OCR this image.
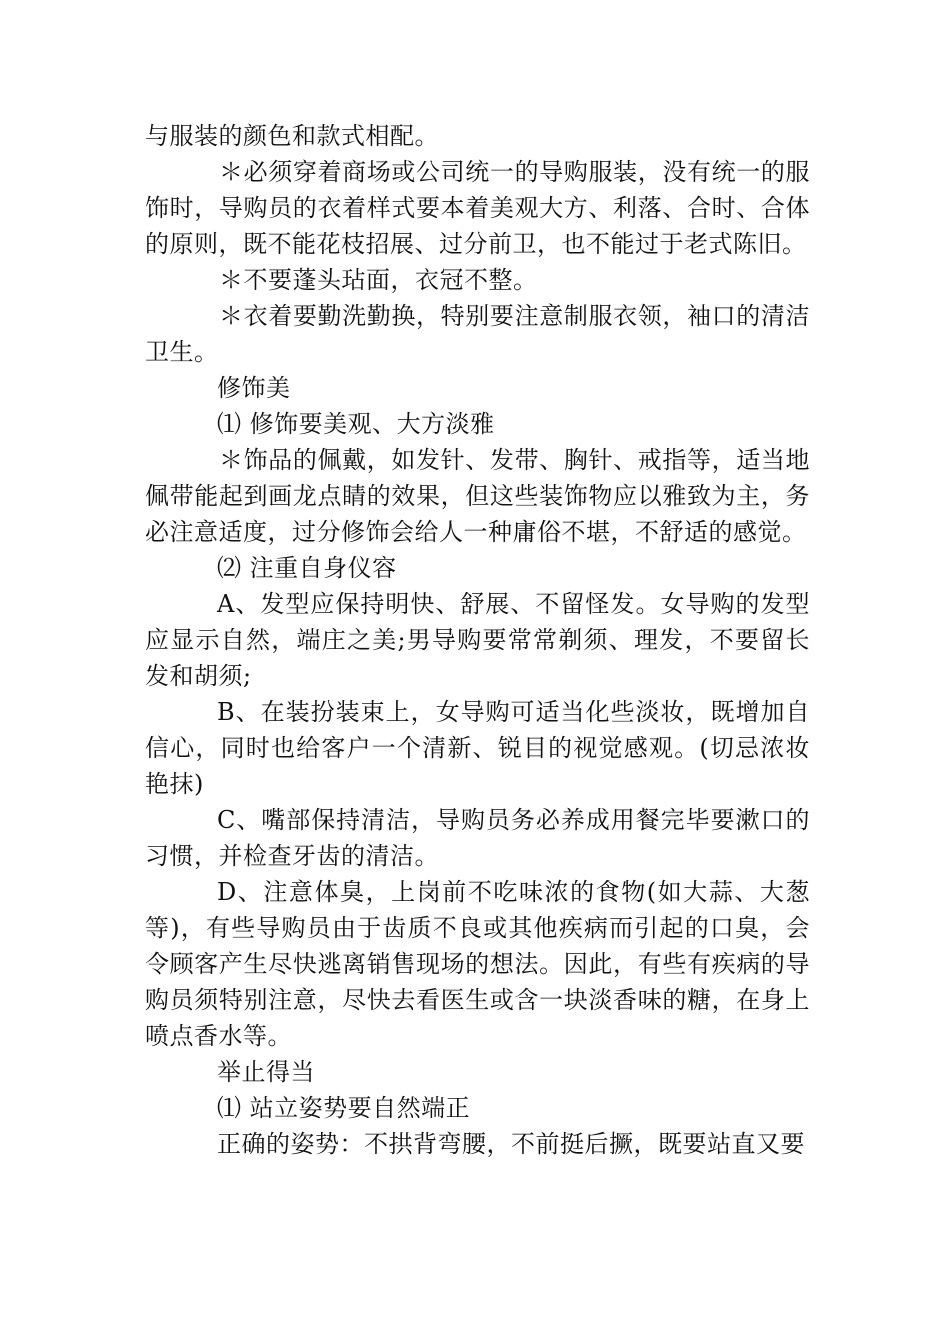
与服装的颜色和款式相配。

＊必须穿着商场或公司统一的导购服装，没有统一的服饰时，导购员的衣着样式要本着美观大方、利落、合时、合体的原则，既不能花枝招展、过分前卫，也不能过于老式陈旧。

＊不要蓬头玷面，衣冠不整。

＊衣着要勤洗勤换，特别要注意制服衣领，袖口的清洁卫生。

修饰美

⑴ 修饰要美观、大方淡雅

＊饰品的佩戴，如发针、发带、胸针、戒指等，适当地佩带能起到画龙点睛的效果，但这些装饰物应以雅致为主，务必注意适度，过分修饰会给人一种庸俗不堪，不舒适的感觉。

⑵ 注重自身仪容

A、发型应保持明快、舒展、不留怪发。女导购的发型应显示自然，端庄之美;男导购要常常剃须、理发，不要留长发和胡须;

B、在装扮装束上，女导购可适当化些淡妆，既增加自信心，同时也给客户一个清新、锐目的视觉感观。(切忌浓妆艳抹)

C、嘴部保持清洁，导购员务必养成用餐完毕要漱口的习惯，并检查牙齿的清洁。

D、注意体臭，上岗前不吃味浓的食物(如大蒜、大葱等)，有些导购员由于齿质不良或其他疾病而引起的口臭，会令顾客产生尽快逃离销售现场的想法。因此，有些有疾病的导购员须特别注意，尽快去看医生或含一块淡香味的糖，在身上喷点香水等。

举止得当

⑴ 站立姿势要自然端正

正确的姿势：不拱背弯腰，不前挺后撅，既要站直又要
